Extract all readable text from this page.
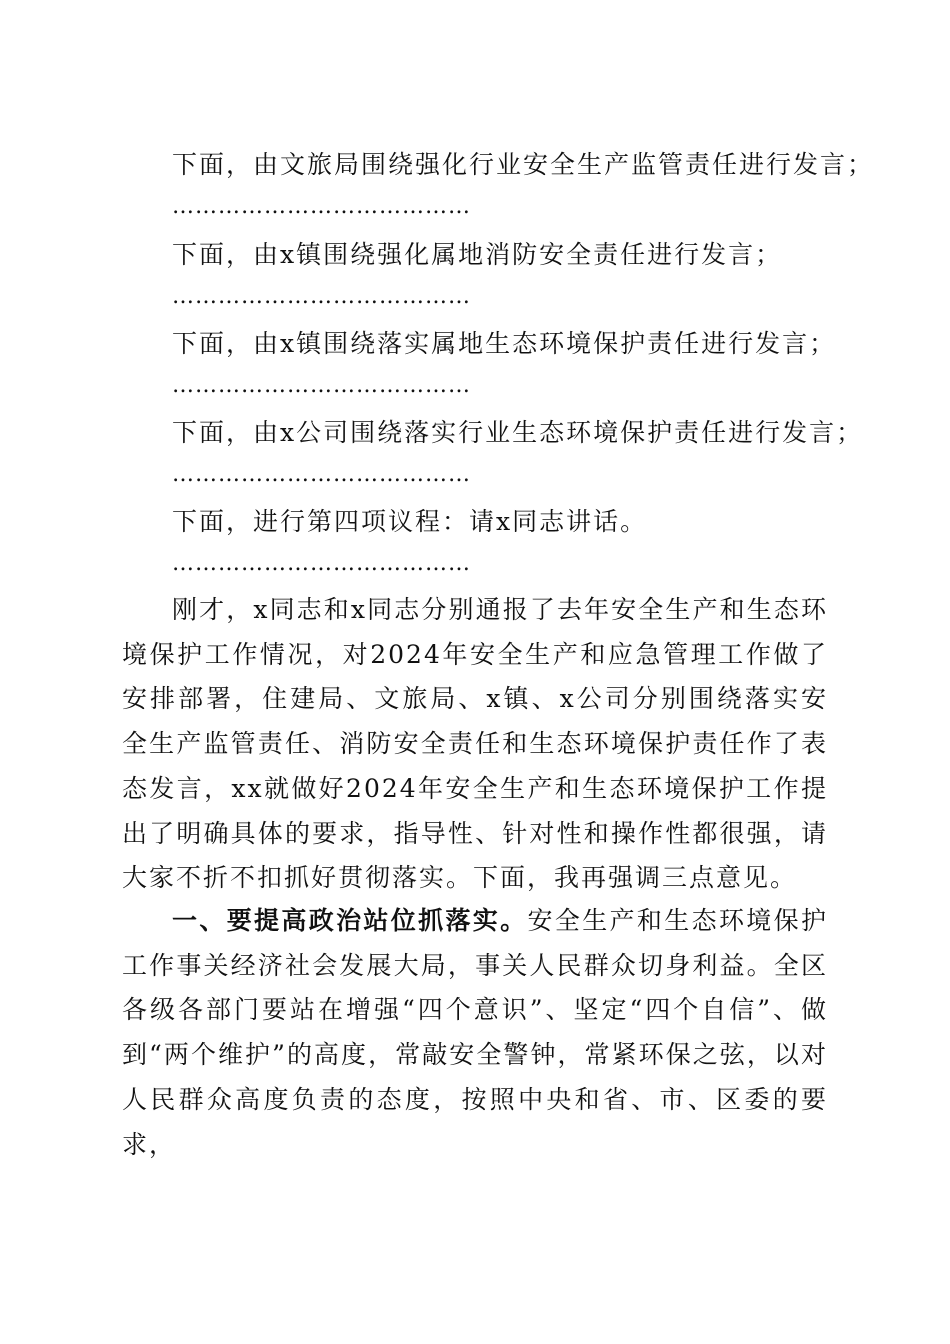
下面，由文旅局围绕强化行业安全生产监管责任进行发言；
…………………………………
下面，由x镇围绕强化属地消防安全责任进行发言；
…………………………………
下面，由x镇围绕落实属地生态环境保护责任进行发言；
…………………………………
下面，由x公司围绕落实行业生态环境保护责任进行发言；
…………………………………
下面，进行第四项议程：请x同志讲话。
…………………………………
刚才，x同志和x同志分别通报了去年安全生产和生态环境保护工作情况，对2024年安全生产和应急管理工作做了安排部署，住建局、文旅局、x镇、x公司分别围绕落实安全生产监管责任、消防安全责任和生态环境保护责任作了表态发言，xx就做好2024年安全生产和生态环境保护工作提出了明确具体的要求，指导性、针对性和操作性都很强，请大家不折不扣抓好贯彻落实。下面，我再强调三点意见。
一、要提高政治站位抓落实。安全生产和生态环境保护工作事关经济社会发展大局，事关人民群众切身利益。全区各级各部门要站在增强“四个意识”、坚定“四个自信”、做到“两个维护”的高度，常敲安全警钟，常紧环保之弦，以对人民群众高度负责的态度，按照中央和省、市、区委的要求，
